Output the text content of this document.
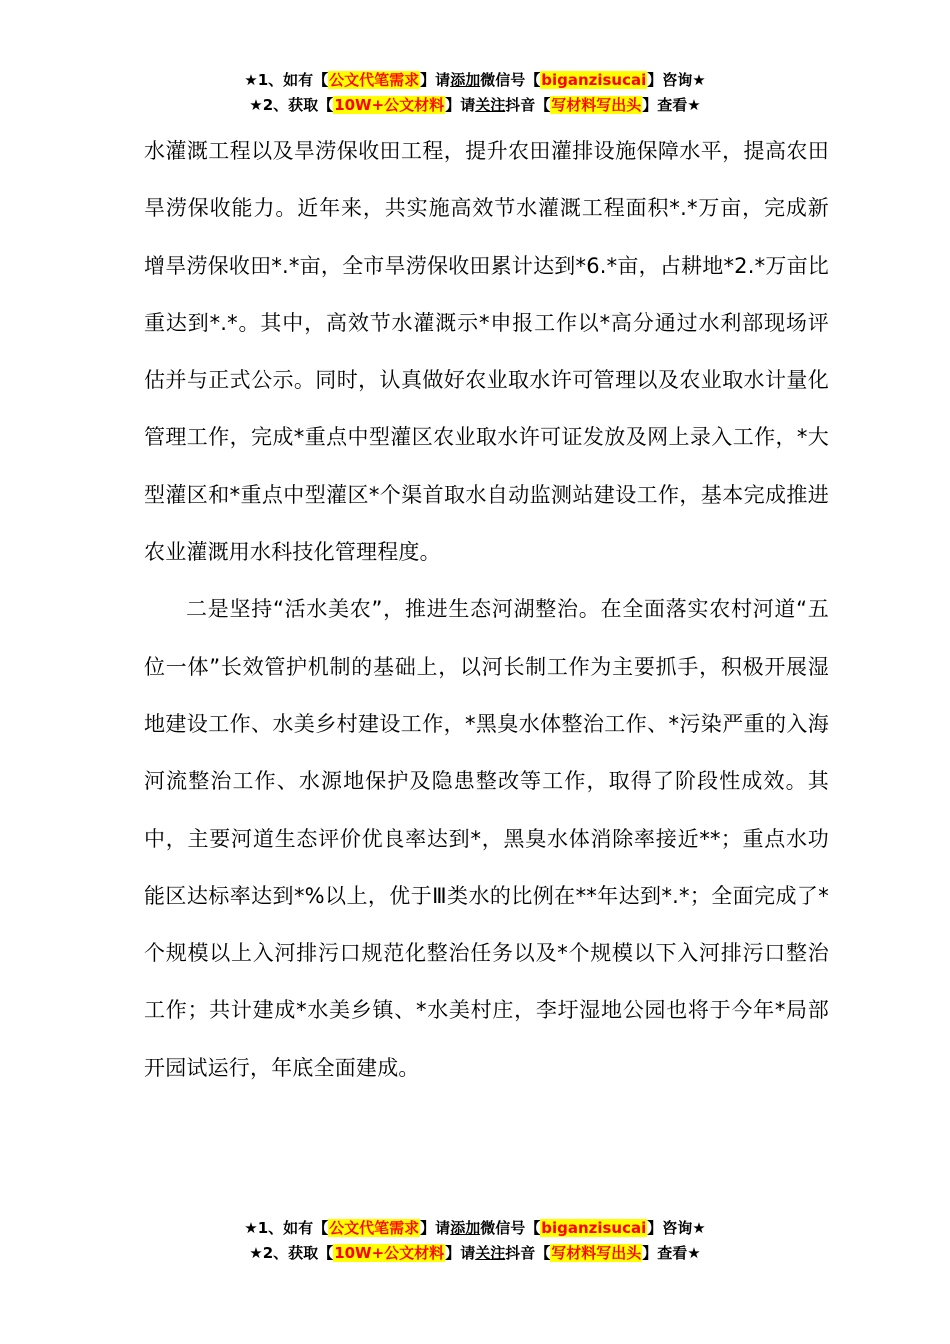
★1、如有【公文代笔需求】请添加微信号【biganzisucai】咨询★
★2、获取【10W+公文材料】请关注抖音【写材料写出头】查看★

水灌溉工程以及旱涝保收田工程，提升农田灌排设施保障水平，提高农田旱涝保收能力。近年来，共实施高效节水灌溉工程面积*.*万亩，完成新增旱涝保收田*.*亩，全市旱涝保收田累计达到*6.*亩，占耕地*2.*万亩比重达到*.*。其中，高效节水灌溉示*申报工作以*高分通过水利部现场评估并与正式公示。同时，认真做好农业取水许可管理以及农业取水计量化管理工作，完成*重点中型灌区农业取水许可证发放及网上录入工作，*大型灌区和*重点中型灌区*个渠首取水自动监测站建设工作，基本完成推进农业灌溉用水科技化管理程度。

二是坚持“活水美农”，推进生态河湖整治。在全面落实农村河道“五位一体”长效管护机制的基础上，以河长制工作为主要抓手，积极开展湿地建设工作、水美乡村建设工作，*黑臭水体整治工作、*污染严重的入海河流整治工作、水源地保护及隐患整改等工作，取得了阶段性成效。其中，主要河道生态评价优良率达到*，黑臭水体消除率接近**；重点水功能区达标率达到*%以上，优于Ⅲ类水的比例在**年达到*.*；全面完成了*个规模以上入河排污口规范化整治任务以及*个规模以下入河排污口整治工作；共计建成*水美乡镇、*水美村庄，李圩湿地公园也将于今年*局部开园试运行，年底全面建成。

★1、如有【公文代笔需求】请添加微信号【biganzisucai】咨询★
★2、获取【10W+公文材料】请关注抖音【写材料写出头】查看★
